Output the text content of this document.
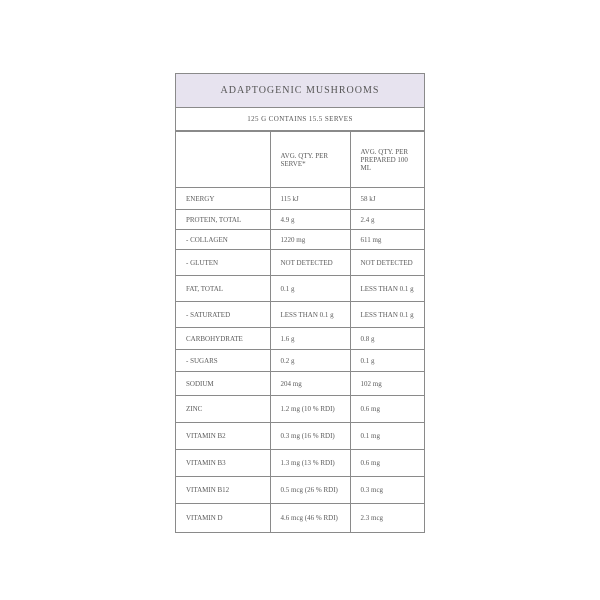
ADAPTOGENIC MUSHROOMS
125 G CONTAINS 15.5 SERVES
	AVG. QTY. PER SERVE*	AVG. QTY. PER PREPARED 100 ML
ENERGY	115 kJ	58 kJ
PROTEIN, TOTAL	4.9 g	2.4 g
- COLLAGEN	1220 mg	611 mg
- GLUTEN	NOT DETECTED	NOT DETECTED
FAT, TOTAL	0.1 g	LESS THAN 0.1 g
- SATURATED	LESS THAN 0.1 g	LESS THAN 0.1 g
CARBOHYDRATE	1.6 g	0.8 g
- SUGARS	0.2 g	0.1 g
SODIUM	204 mg	102 mg
ZINC	1.2 mg (10 % RDI)	0.6 mg
VITAMIN B2	0.3 mg (16 % RDI)	0.1 mg
VITAMIN B3	1.3 mg (13 % RDI)	0.6 mg
VITAMIN B12	0.5 mcg (26 % RDI)	0.3 mcg
VITAMIN D	4.6 mcg (46 % RDI)	2.3 mcg
